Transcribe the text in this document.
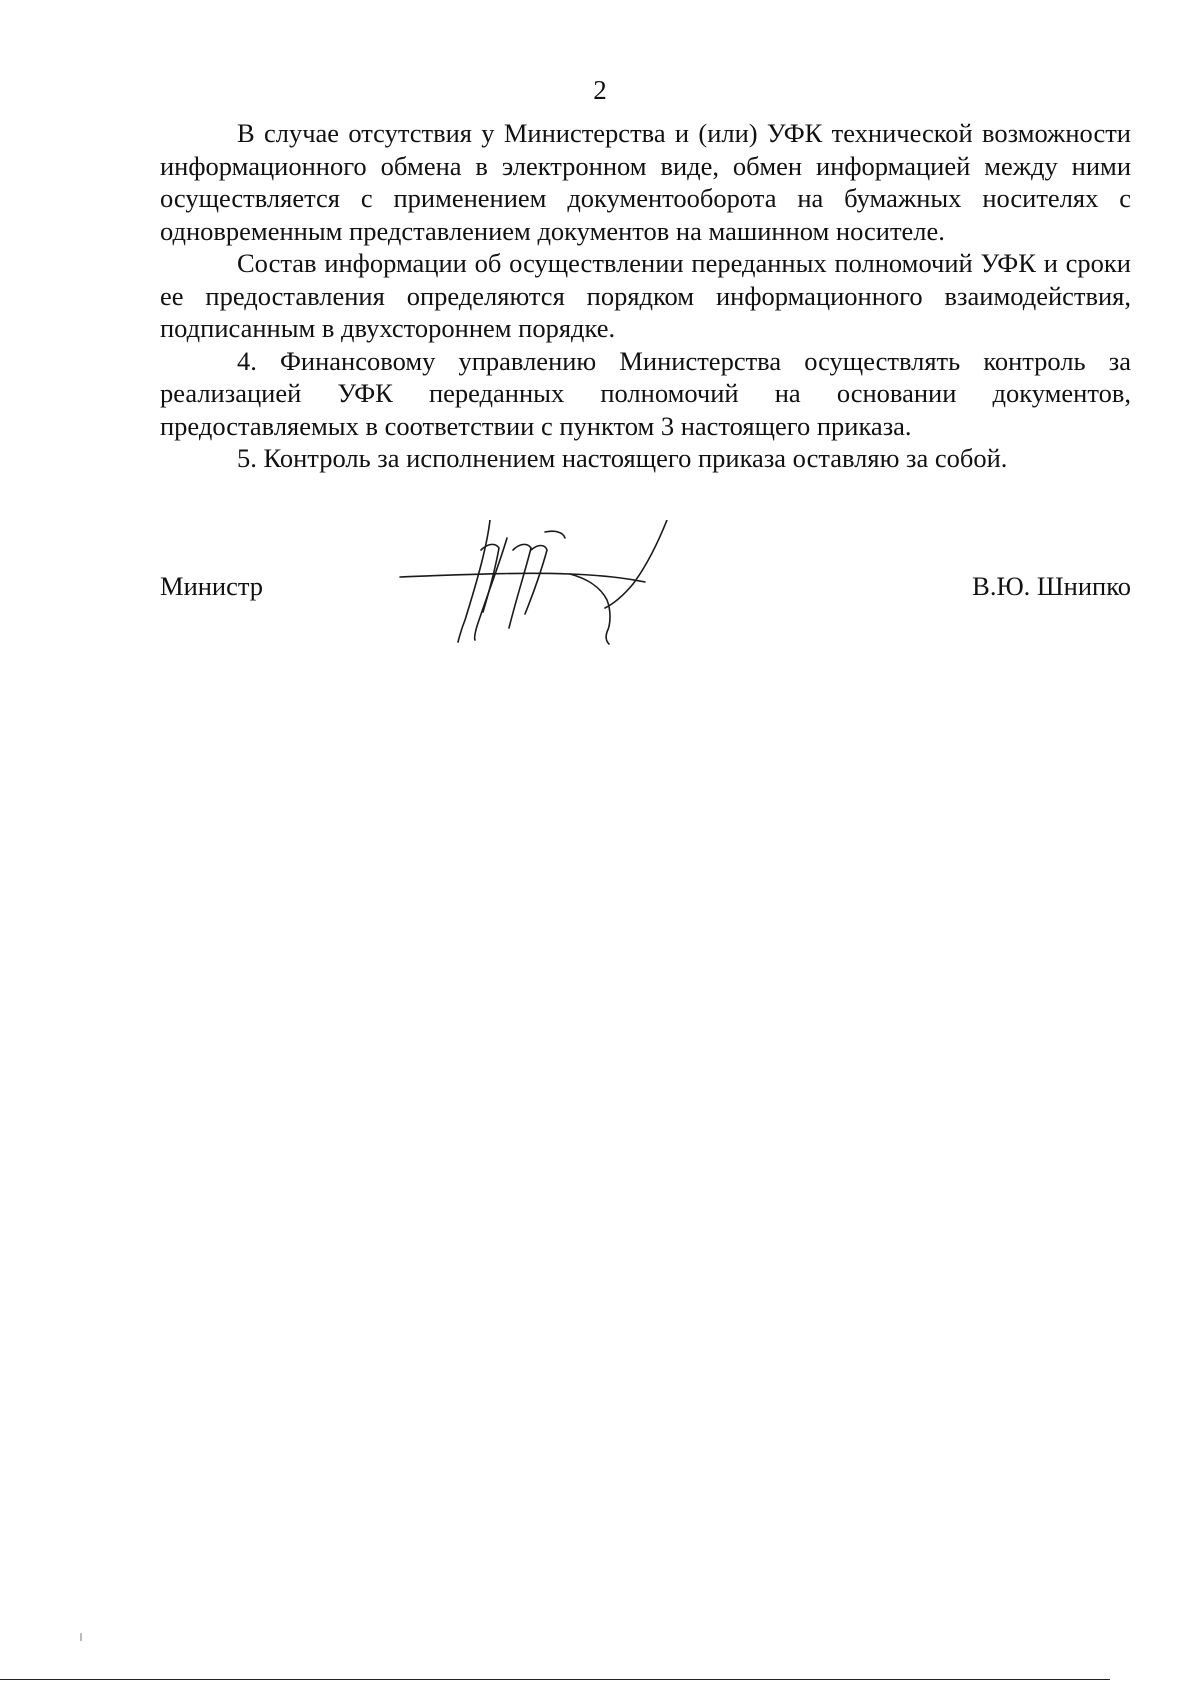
2

В случае отсутствия у Министерства и (или) УФК технической возможности информационного обмена в электронном виде, обмен информацией между ними осуществляется с применением документооборота на бумажных носителях с одновременным представлением документов на машинном носителе.

Состав информации об осуществлении переданных полномочий УФК и сроки ее предоставления определяются порядком информационного взаимодействия, подписанным в двухстороннем порядке.

4. Финансовому управлению Министерства осуществлять контроль за реализацией УФК переданных полномочий на основании документов, предоставляемых в соответствии с пунктом 3 настоящего приказа.

5. Контроль за исполнением настоящего приказа оставляю за собой.

Министр	В.Ю. Шнипко
